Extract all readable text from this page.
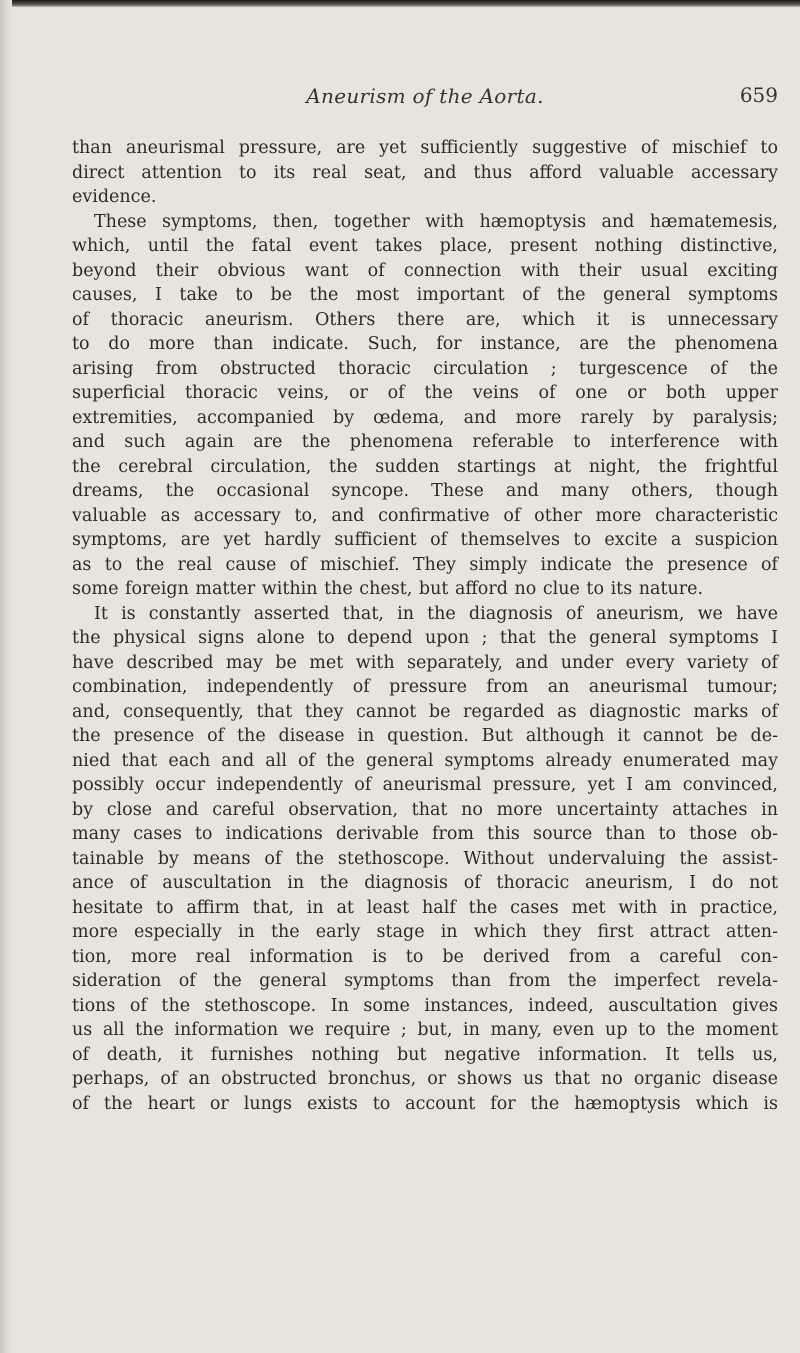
Aneurism of the Aorta.	659

than aneurismal pressure, are yet sufficiently suggestive of mischief to
direct attention to its real seat, and thus afford valuable accessary
evidence.

These symptoms, then, together with hæmoptysis and hæmatemesis,
which, until the fatal event takes place, present nothing distinctive,
beyond their obvious want of connection with their usual exciting
causes, I take to be the most important of the general symptoms
of thoracic aneurism. Others there are, which it is unnecessary
to do more than indicate. Such, for instance, are the phenomena
arising from obstructed thoracic circulation ; turgescence of the
superficial thoracic veins, or of the veins of one or both upper
extremities, accompanied by œdema, and more rarely by paralysis;
and such again are the phenomena referable to interference with
the cerebral circulation, the sudden startings at night, the frightful
dreams, the occasional syncope. These and many others, though
valuable as accessary to, and confirmative of other more characteristic
symptoms, are yet hardly sufficient of themselves to excite a suspicion
as to the real cause of mischief. They simply indicate the presence of
some foreign matter within the chest, but afford no clue to its nature.

It is constantly asserted that, in the diagnosis of aneurism, we have
the physical signs alone to depend upon ; that the general symptoms I
have described may be met with separately, and under every variety of
combination, independently of pressure from an aneurismal tumour;
and, consequently, that they cannot be regarded as diagnostic marks of
the presence of the disease in question. But although it cannot be de-
nied that each and all of the general symptoms already enumerated may
possibly occur independently of aneurismal pressure, yet I am convinced,
by close and careful observation, that no more uncertainty attaches in
many cases to indications derivable from this source than to those ob-
tainable by means of the stethoscope. Without undervaluing the assist-
ance of auscultation in the diagnosis of thoracic aneurism, I do not
hesitate to affirm that, in at least half the cases met with in practice,
more especially in the early stage in which they first attract atten-
tion, more real information is to be derived from a careful con-
sideration of the general symptoms than from the imperfect revela-
tions of the stethoscope. In some instances, indeed, auscultation gives
us all the information we require ; but, in many, even up to the moment
of death, it furnishes nothing but negative information. It tells us,
perhaps, of an obstructed bronchus, or shows us that no organic disease
of the heart or lungs exists to account for the hæmoptysis which is
